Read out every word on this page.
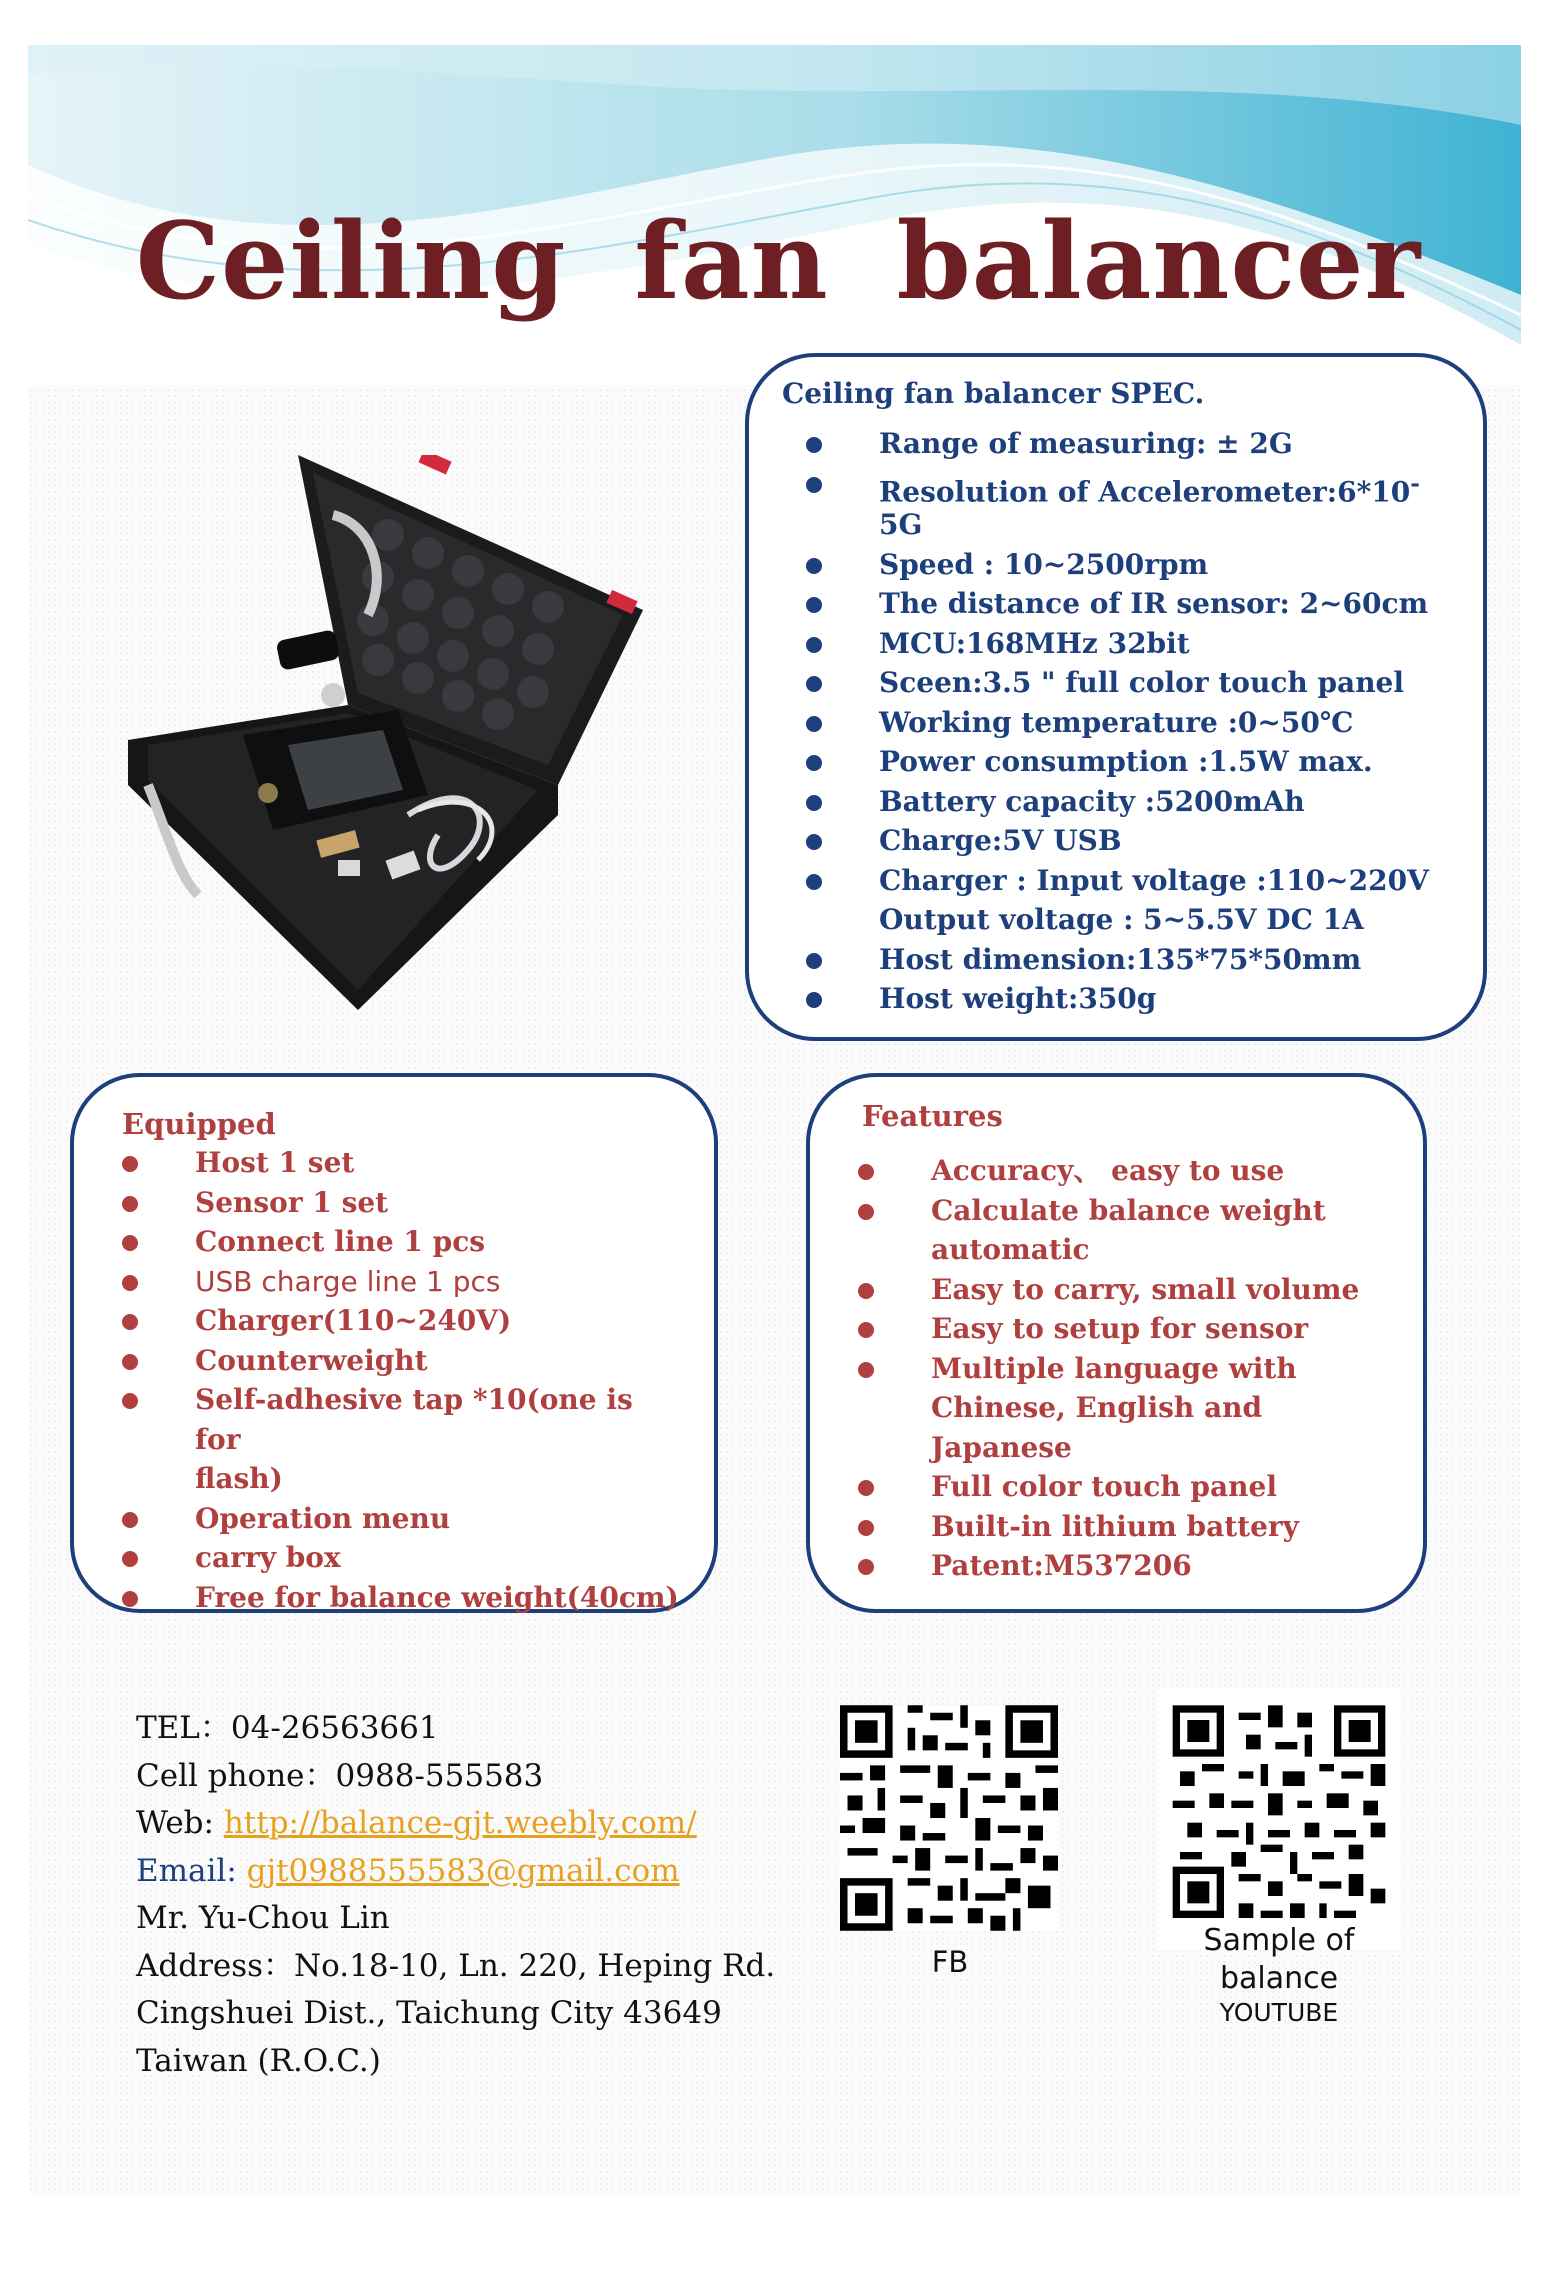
Ceiling fan balancer
Ceiling fan balancer SPEC.
Range of measuring: ± 2G
Resolution of Accelerometer:6*10-
5G
Speed : 10~2500rpm
The distance of IR sensor: 2~60cm
MCU:168MHz 32bit
Sceen:3.5 " full color touch panel
Working temperature :0~50℃
Power consumption :1.5W max.
Battery capacity :5200mAh
Charge:5V USB
Charger : Input voltage :110~220V
Output voltage : 5~5.5V DC 1A
Host dimension:135*75*50mm
Host weight:350g
Equipped
Host 1 set
Sensor 1 set
Connect line 1 pcs
USB charge line 1 pcs
Charger(110~240V)
Counterweight
Self-adhesive tap *10(one is for
flash)
Operation menu
carry box
Free for balance weight(40cm)
Features
Accuracy、 easy to use
Calculate balance weight
automatic
Easy to carry, small volume
Easy to setup for sensor
Multiple language with
Chinese, English and
Japanese
Full color touch panel
Built-in lithium battery
Patent:M537206
TEL：04-26563661
Cell phone：0988-555583
Web: http://balance-gjt.weebly.com/
Email: gjt0988555583@gmail.com
Mr. Yu-Chou Lin
Address：No.18-10, Ln. 220, Heping Rd.
Cingshuei Dist., Taichung City 43649
Taiwan (R.O.C.)
FB
Sample of
balance
YOUTUBE
